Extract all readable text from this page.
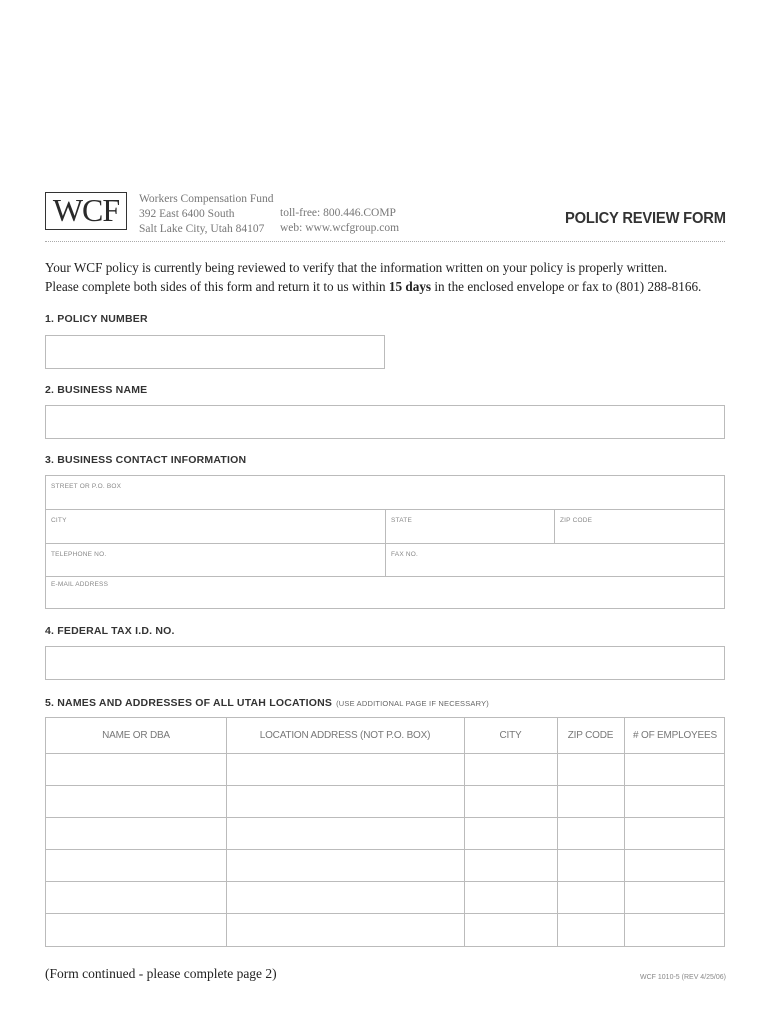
WCF	Workers Compensation Fund
392 East 6400 South
Salt Lake City, Utah 84107
toll-free: 800.446.COMP
web: www.wcfgroup.com
POLICY REVIEW FORM
Your WCF policy is currently being reviewed to verify that the information written on your policy is properly written.
Please complete both sides of this form and return it to us within 15 days in the enclosed envelope or fax to (801) 288-8166.
1. POLICY NUMBER
2. BUSINESS NAME
3. BUSINESS CONTACT INFORMATION
STREET OR P.O. BOX
CITY	STATE	ZIP CODE
TELEPHONE NO.	FAX NO.
E-MAIL ADDRESS
4. FEDERAL TAX I.D. NO.
5. NAMES AND ADDRESSES OF ALL UTAH LOCATIONS (USE ADDITIONAL PAGE IF NECESSARY)
NAME OR DBA	LOCATION ADDRESS (NOT P.O. BOX)	CITY	ZIP CODE	# OF EMPLOYEES
(Form continued - please complete page 2)	WCF 1010-5 (REV 4/25/06)
